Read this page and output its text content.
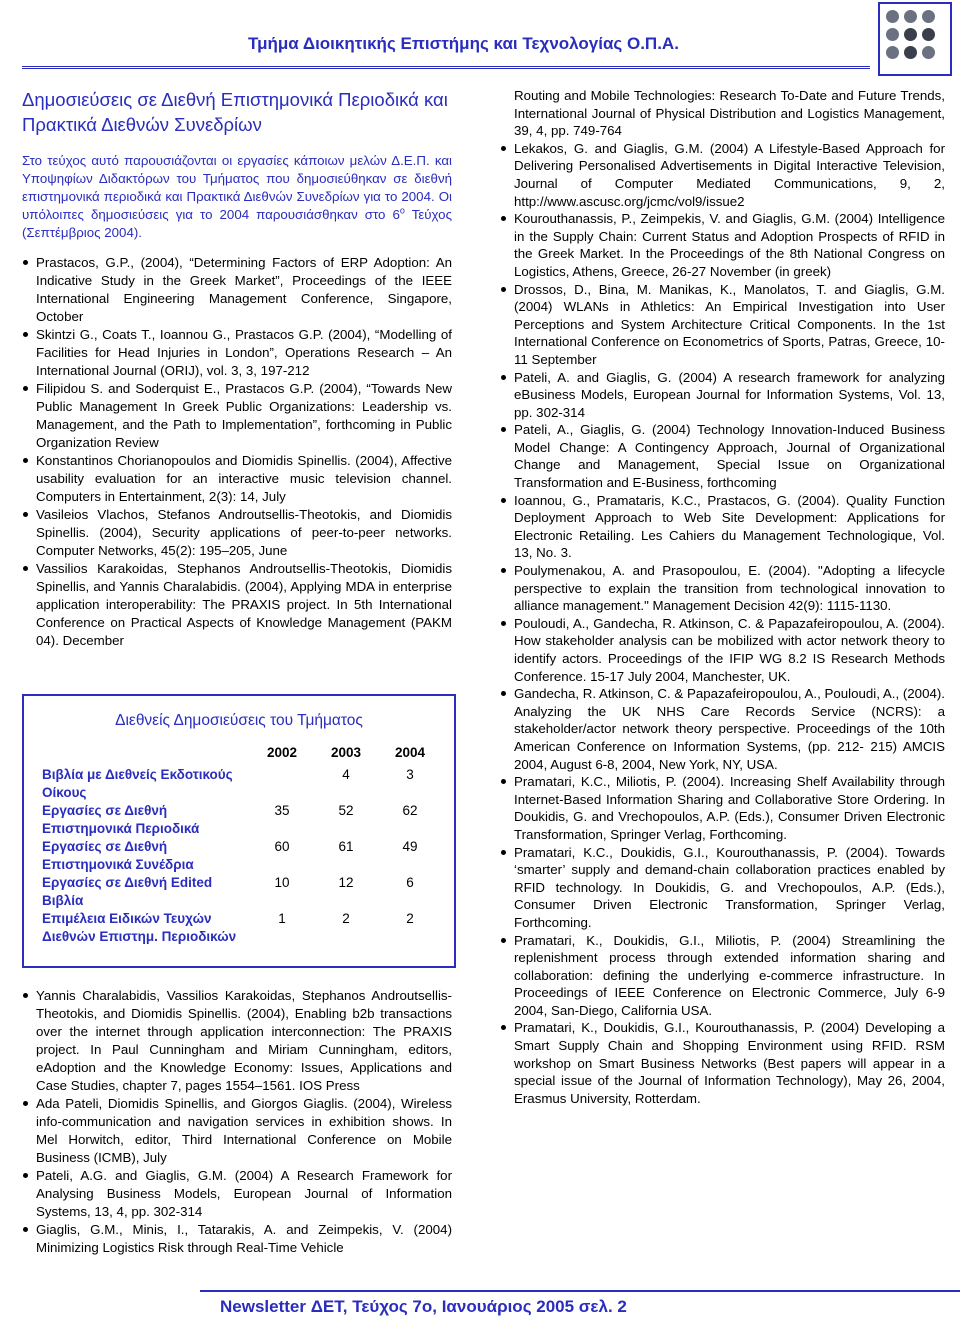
Τμήμα Διοικητικής Επιστήμης και Τεχνολογίας Ο.Π.Α.
Δημοσιεύσεις σε Διεθνή Επιστημονικά Περιοδικά και Πρακτικά Διεθνών Συνεδρίων
Στο τεύχος αυτό παρουσιάζονται οι εργασίες κάποιων μελών Δ.Ε.Π. και Υποψηφίων Διδακτόρων του Τμήματος που δημοσιεύθηκαν σε διεθνή επιστημονικά περιοδικά και Πρακτικά Διεθνών Συνεδρίων για το 2004. Οι υπόλοιπες δημοσιεύσεις για το 2004 παρουσιάσθηκαν στο $6^o$ Τεύχος (Σεπτέμβριος 2004).
Prastacos, G.P., (2004), “Determining Factors of ERP Adoption: An Indicative Study in the Greek Market”, Proceedings of the IEEE International Engineering Management Conference, Singapore, October
Skintzi G., Coats T., Ioannou G., Prastacos G.P. (2004), “Modelling of Facilities for Head Injuries in London”, Operations Research – An International Journal (ORIJ), vol. 3, 3, 197-212
Filipidou S. and Soderquist E., Prastacos G.P. (2004), “Towards New Public Management In Greek Public Organizations: Leadership vs. Management, and the Path to Implementation”, forthcoming in Public Organization Review
Konstantinos Chorianopoulos and Diomidis Spinellis. (2004), Affective usability evaluation for an interactive music television channel. Computers in Entertainment, 2(3): 14, July
Vasileios Vlachos, Stefanos Androutsellis-Theotokis, and Diomidis Spinellis. (2004), Security applications of peer-to-peer networks. Computer Networks, 45(2): 195–205, June
Vassilios Karakoidas, Stephanos Androutsellis-Theotokis, Diomidis Spinellis, and Yannis Charalabidis. (2004), Applying MDA in enterprise application interoperability: The PRAXIS project. In 5th International Conference on Practical Aspects of Knowledge Management (PAKM 04). December
Διεθνείς Δημοσιεύσεις του Τμήματος
	2002	2003	2004
Βιβλία με Διεθνείς Εκδοτικούς Οίκους		4	3
Εργασίες σε Διεθνή Επιστημονικά Περιοδικά	35	52	62
Εργασίες σε Διεθνή Επιστημονικά Συνέδρια	60	61	49
Εργασίες σε Διεθνή Edited Βιβλία	10	12	6
Επιμέλεια Ειδικών Τευχών Διεθνών Επιστημ. Περιοδικών	1	2	2
Yannis Charalabidis, Vassilios Karakoidas, Stephanos Androutsellis-Theotokis, and Diomidis Spinellis. (2004), Enabling b2b transactions over the internet through application interconnection: The PRAXIS project. In Paul Cunningham and Miriam Cunningham, editors, eAdoption and the Knowledge Economy: Issues, Applications and Case Studies, chapter 7, pages 1554–1561. IOS Press
Ada Pateli, Diomidis Spinellis, and Giorgos Giaglis. (2004), Wireless info-communication and navigation services in exhibition shows. In Mel Horwitch, editor, Third International Conference on Mobile Business (ICMB), July
Pateli, A.G. and Giaglis, G.M. (2004) A Research Framework for Analysing Business Models, European Journal of Information Systems, 13, 4, pp. 302-314
Giaglis, G.M., Minis, I., Tatarakis, A. and Zeimpekis, V. (2004) Minimizing Logistics Risk through Real-Time Vehicle
Routing and Mobile Technologies: Research To-Date and Future Trends, International Journal of Physical Distribution and Logistics Management, 39, 4, pp. 749-764
Lekakos, G. and Giaglis, G.M. (2004) A Lifestyle-Based Approach for Delivering Personalised Advertisements in Digital Interactive Television, Journal of Computer Mediated Communications, 9, 2, http://www.ascusc.org/jcmc/vol9/issue2
Kourouthanassis, P., Zeimpekis, V. and Giaglis, G.M. (2004) Intelligence in the Supply Chain: Current Status and Adoption Prospects of RFID in the Greek Market. In the Proceedings of the 8th National Congress on Logistics, Athens, Greece, 26-27 November (in greek)
Drossos, D., Bina, M. Manikas, K., Manolatos, T. and Giaglis, G.M. (2004) WLANs in Athletics: An Empirical Investigation into User Perceptions and System Architecture Critical Components. In the 1st International Conference on Econometrics of Sports, Patras, Greece, 10-11 September
Pateli, A. and Giaglis, G. (2004) A research framework for analyzing eBusiness Models, European Journal for Information Systems, Vol. 13, pp. 302-314
Pateli, A., Giaglis, G. (2004) Technology Innovation-Induced Business Model Change: A Contingency Approach, Journal of Organizational Change and Management, Special Issue on Organizational Transformation and E-Business, forthcoming
Ioannou, G., Pramataris, K.C., Prastacos, G. (2004). Quality Function Deployment Approach to Web Site Development: Applications for Electronic Retailing. Les Cahiers du Management Technologique, Vol. 13, No. 3.
Poulymenakou, A. and Prasopoulou, E. (2004). "Adopting a lifecycle perspective to explain the transition from technological innovation to alliance management." Management Decision 42(9): 1115-1130.
Pouloudi, A., Gandecha, R. Atkinson, C. & Papazafeiropoulou, A. (2004). How stakeholder analysis can be mobilized with actor network theory to identify actors. Proceedings of the IFIP WG 8.2 IS Research Methods Conference. 15-17 July 2004, Manchester, UK.
Gandecha, R. Atkinson, C. & Papazafeiropoulou, A., Pouloudi, A., (2004). Analyzing the UK NHS Care Records Service (NCRS): a stakeholder/actor network theory perspective. Proceedings of the 10th American Conference on Information Systems, (pp. 212- 215) AMCIS 2004, August 6-8, 2004, New York, NY, USA.
Pramatari, K.C., Miliotis, P. (2004). Increasing Shelf Availability through Internet-Based Information Sharing and Collaborative Store Ordering. In Doukidis, G. and Vrechopoulos, A.P. (Eds.), Consumer Driven Electronic Transformation, Springer Verlag, Forthcoming.
Pramatari, K.C., Doukidis, G.I., Kourouthanassis, P. (2004). Towards ‘smarter’ supply and demand-chain collaboration practices enabled by RFID technology. In Doukidis, G. and Vrechopoulos, A.P. (Eds.), Consumer Driven Electronic Transformation, Springer Verlag, Forthcoming.
Pramatari, K., Doukidis, G.I., Miliotis, P. (2004) Streamlining the replenishment process through extended information sharing and collaboration: defining the underlying e-commerce infrastructure. In Proceedings of IEEE Conference on Electronic Commerce, July 6-9 2004, San-Diego, California USA.
Pramatari, K., Doukidis, G.I., Kourouthanassis, P. (2004) Developing a Smart Supply Chain and Shopping Environment using RFID. RSM workshop on Smart Business Networks (Best papers will appear in a special issue of the Journal of Information Technology), May 26, 2004, Erasmus University, Rotterdam.
Newsletter ΔΕΤ, Τεύχος 7ο, Ιανουάριος 2005 σελ. 2
